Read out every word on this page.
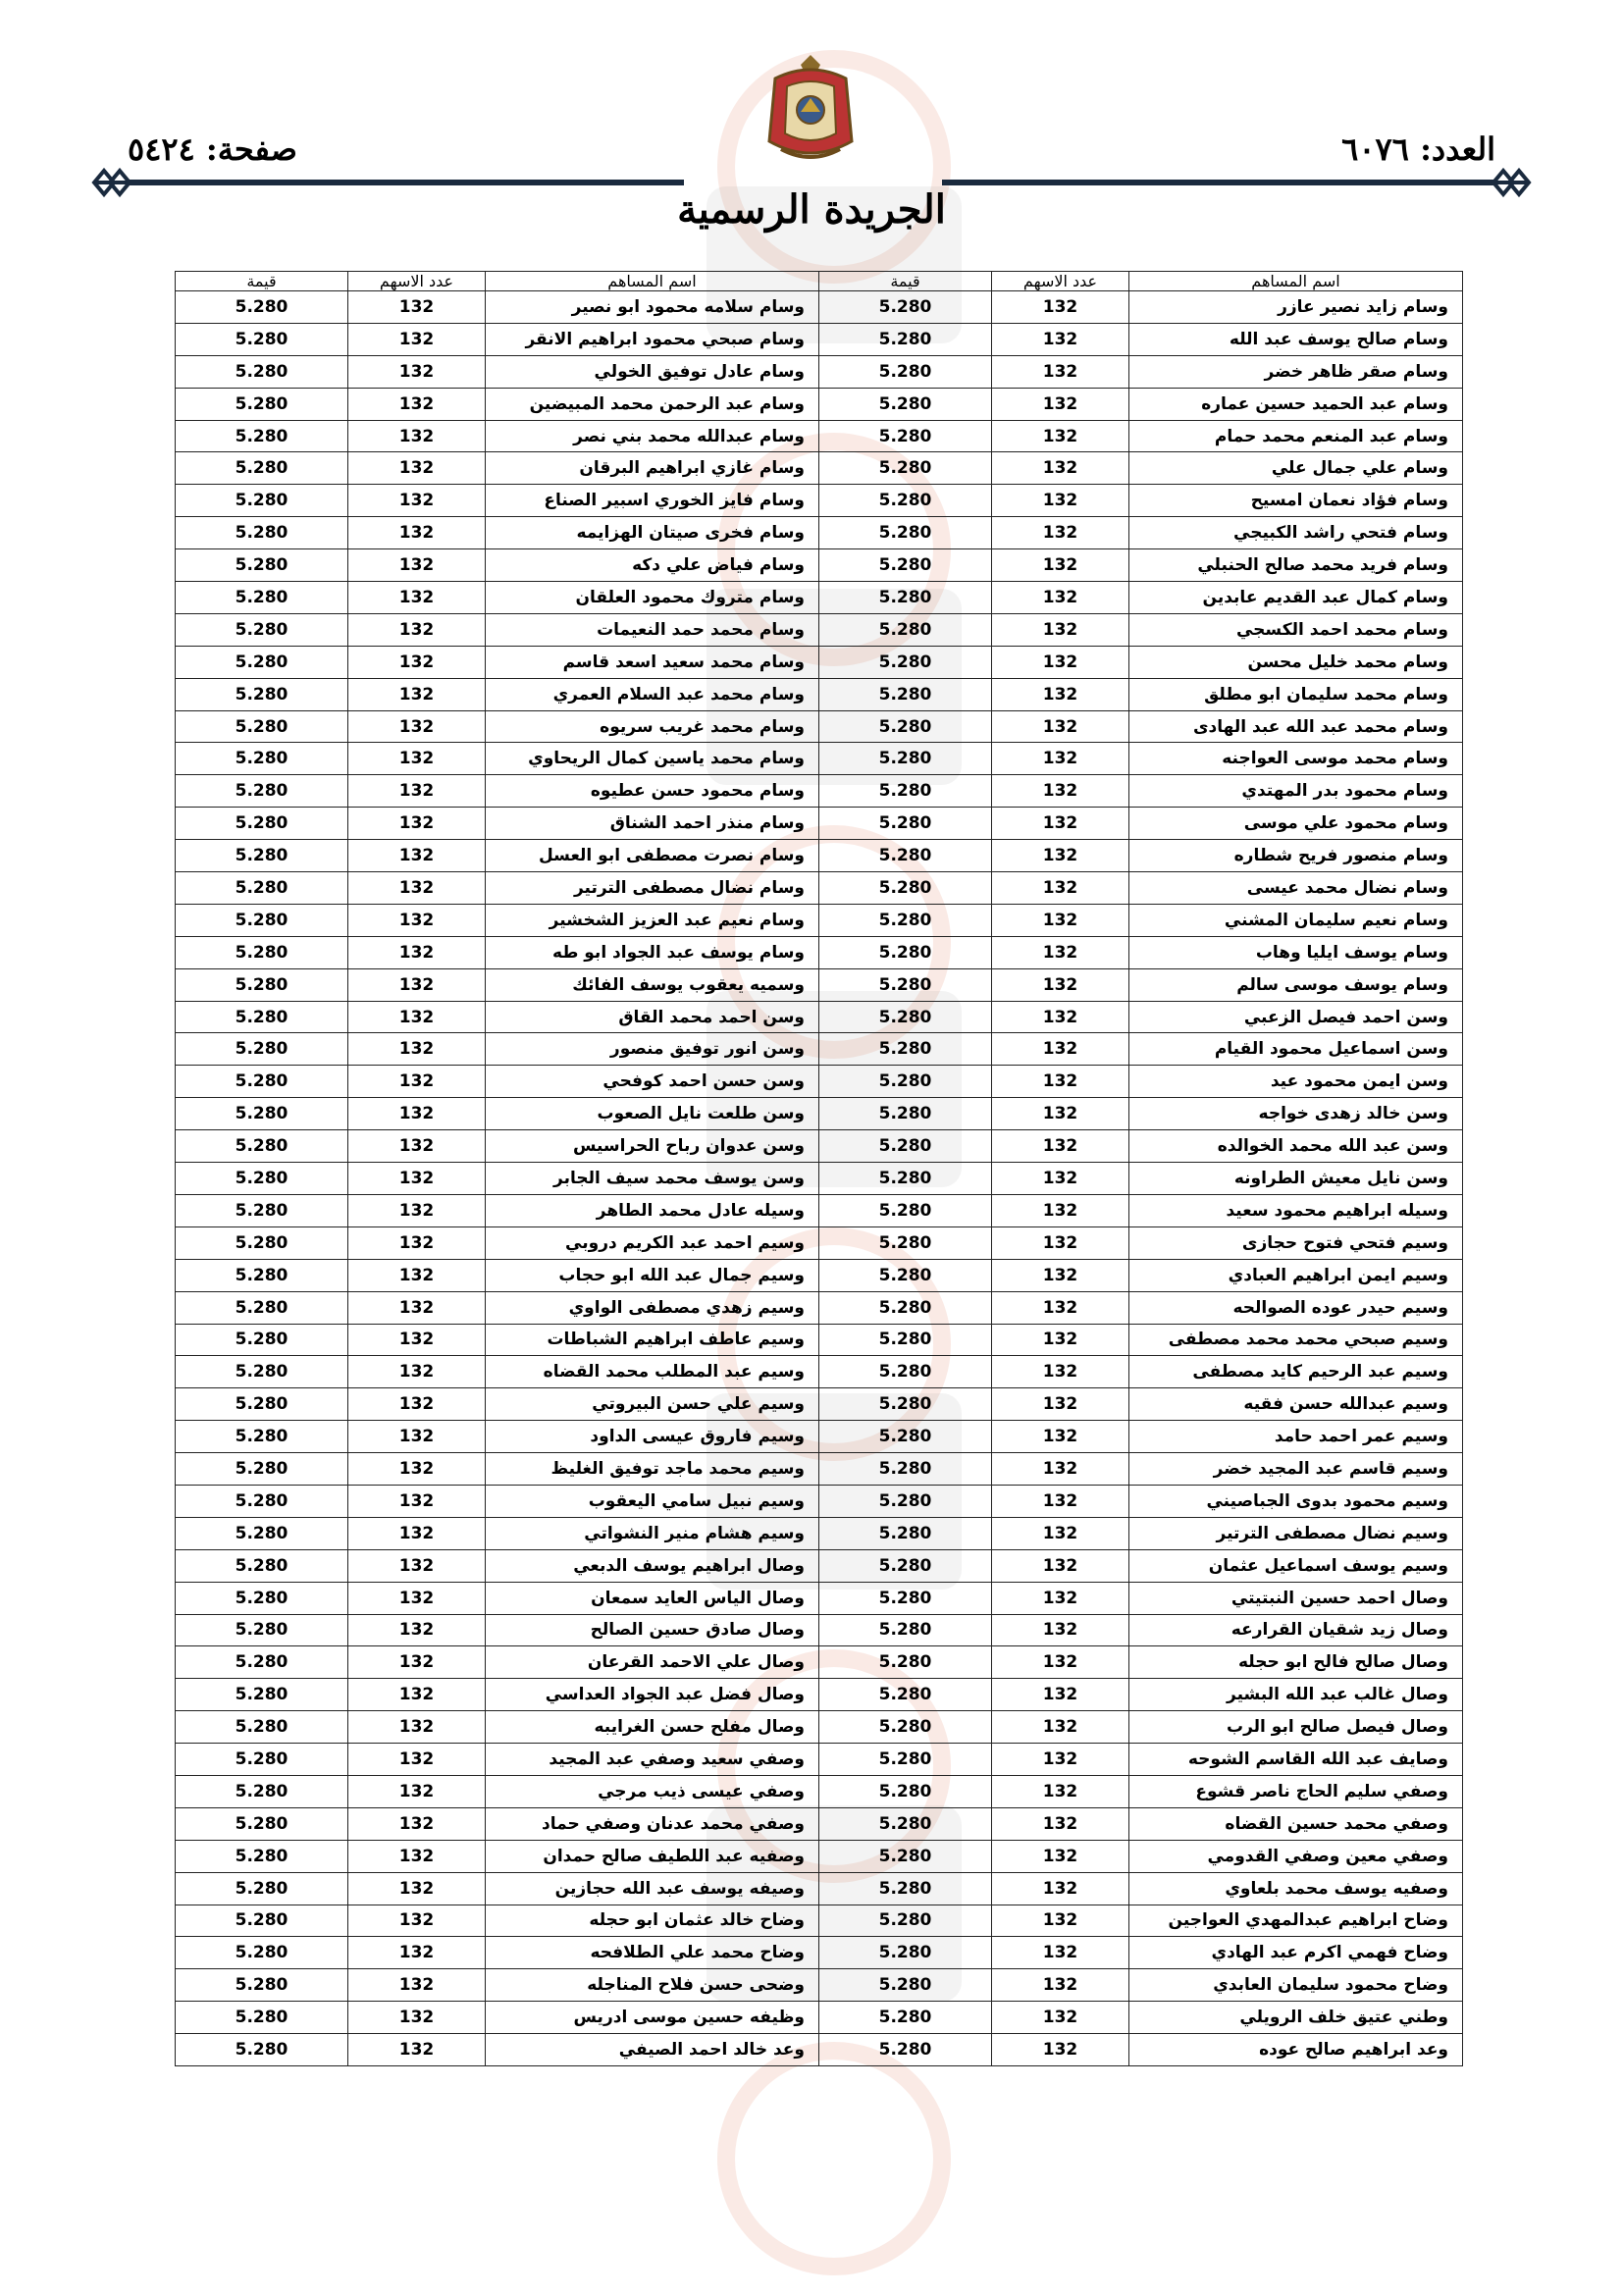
العدد: ٦٠٧٦
صفحة: ٥٤٢٤
الجريدة الرسمية
اسم المساهم	عدد الاسهم	قيمة	اسم المساهم	عدد الاسهم	قيمة
وسام زايد نصير عازر	132	5.280	وسام سلامه محمود ابو نصير	132	5.280
وسام صالح يوسف عبد الله	132	5.280	وسام صبحي محمود ابراهيم الانقر	132	5.280
وسام صقر ظاهر خضر	132	5.280	وسام عادل توفيق الخولي	132	5.280
وسام عبد الحميد حسين عماره	132	5.280	وسام عبد الرحمن محمد المبيضين	132	5.280
وسام عبد المنعم محمد حمام	132	5.280	وسام عبدالله محمد بني نصر	132	5.280
وسام علي جمال علي	132	5.280	وسام غازي ابراهيم البرقان	132	5.280
وسام فؤاد نعمان امسيح	132	5.280	وسام فايز الخوري اسبير الصناع	132	5.280
وسام فتحي راشد الكبيجي	132	5.280	وسام فخرى صيتان الهزايمه	132	5.280
وسام فريد محمد صالح الحنبلي	132	5.280	وسام فياض علي دكه	132	5.280
وسام كمال عبد القديم عابدين	132	5.280	وسام متروك محمود العلقان	132	5.280
وسام محمد احمد الكسجي	132	5.280	وسام محمد حمد النعيمات	132	5.280
وسام محمد خليل محسن	132	5.280	وسام محمد سعيد اسعد قاسم	132	5.280
وسام محمد سليمان ابو مطلق	132	5.280	وسام محمد عبد السلام العمري	132	5.280
وسام محمد عبد الله عبد الهادى	132	5.280	وسام محمد غريب سريوه	132	5.280
وسام محمد موسى العواجنه	132	5.280	وسام محمد ياسين كمال الريحاوي	132	5.280
وسام محمود بدر المهتدي	132	5.280	وسام محمود حسن عطيوه	132	5.280
وسام محمود علي موسى	132	5.280	وسام منذر احمد الشناق	132	5.280
وسام منصور فريح شطاره	132	5.280	وسام نصرت مصطفى ابو العسل	132	5.280
وسام نضال محمد عيسى	132	5.280	وسام نضال مصطفى الترتير	132	5.280
وسام نعيم سليمان المشني	132	5.280	وسام نعيم عبد العزيز الشخشير	132	5.280
وسام يوسف ايليا وهاب	132	5.280	وسام يوسف عبد الجواد ابو طه	132	5.280
وسام يوسف موسى سالم	132	5.280	وسميه يعقوب يوسف الفائك	132	5.280
وسن احمد فيصل الزعبي	132	5.280	وسن احمد محمد القاق	132	5.280
وسن اسماعيل محمود القيام	132	5.280	وسن انور توفيق منصور	132	5.280
وسن ايمن محمود عيد	132	5.280	وسن حسن احمد كوفحي	132	5.280
وسن خالد زهدى خواجه	132	5.280	وسن طلعت نايل الصعوب	132	5.280
وسن عبد الله محمد الخوالده	132	5.280	وسن عدوان رباح الحراسيس	132	5.280
وسن نايل معيش الطراونه	132	5.280	وسن يوسف محمد سيف الجابر	132	5.280
وسيله ابراهيم محمود سعيد	132	5.280	وسيله عادل محمد الطاهر	132	5.280
وسيم فتحي فتوح حجازى	132	5.280	وسيم احمد عبد الكريم دروبي	132	5.280
وسيم ايمن ابراهيم العبادي	132	5.280	وسيم جمال عبد الله ابو حجاب	132	5.280
وسيم حيدر عوده الصوالحه	132	5.280	وسيم زهدي مصطفى الواوي	132	5.280
وسيم صبحي محمد محمد مصطفى	132	5.280	وسيم عاطف ابراهيم الشباطات	132	5.280
وسيم عبد الرحيم كايد مصطفى	132	5.280	وسيم عبد المطلب محمد القضاه	132	5.280
وسيم عبدالله حسن فقيه	132	5.280	وسيم علي حسن البيروتي	132	5.280
وسيم عمر احمد حامد	132	5.280	وسيم فاروق عيسى الداود	132	5.280
وسيم قاسم عبد المجيد خضر	132	5.280	وسيم محمد ماجد توفيق الغليظ	132	5.280
وسيم محمود بدوى الجباصيني	132	5.280	وسيم نبيل سامي اليعقوب	132	5.280
وسيم نضال مصطفى الترتير	132	5.280	وسيم هشام منير النشواتي	132	5.280
وسيم يوسف اسماعيل عثمان	132	5.280	وصال ابراهيم يوسف الدبعي	132	5.280
وصال احمد حسين النبتيتي	132	5.280	وصال الياس العايد سمعان	132	5.280
وصال زيد شقيان القرارعه	132	5.280	وصال صادق حسين الصالح	132	5.280
وصال صالح فالح ابو حجله	132	5.280	وصال علي الاحمد القرعان	132	5.280
وصال غالب عبد الله البشير	132	5.280	وصال فضل عبد الجواد العداسي	132	5.280
وصال فيصل صالح ابو الرب	132	5.280	وصال مفلح حسن الغرايبه	132	5.280
وصايف عبد الله القاسم الشوحه	132	5.280	وصفي سعيد وصفي عبد المجيد	132	5.280
وصفي سليم الحاج ناصر قشوع	132	5.280	وصفي عيسى ذيب مرجي	132	5.280
وصفي محمد حسين القضاه	132	5.280	وصفي محمد عدنان وصفي حماد	132	5.280
وصفي معين وصفي القدومي	132	5.280	وصفيه عبد اللطيف صالح حمدان	132	5.280
وصفيه يوسف محمد بلعاوي	132	5.280	وصيفه يوسف عبد الله حجازين	132	5.280
وضاح ابراهيم عبدالمهدي العواجين	132	5.280	وضاح خالد عثمان ابو حجله	132	5.280
وضاح فهمي اكرم عبد الهادي	132	5.280	وضاح محمد علي الطلافحه	132	5.280
وضاح محمود سليمان العابدي	132	5.280	وضحى حسن فلاح المناجله	132	5.280
وطني عتيق خلف الرويلي	132	5.280	وظيفه حسين موسى ادريس	132	5.280
وعد ابراهيم صالح عوده	132	5.280	وعد خالد احمد الصيفي	132	5.280
